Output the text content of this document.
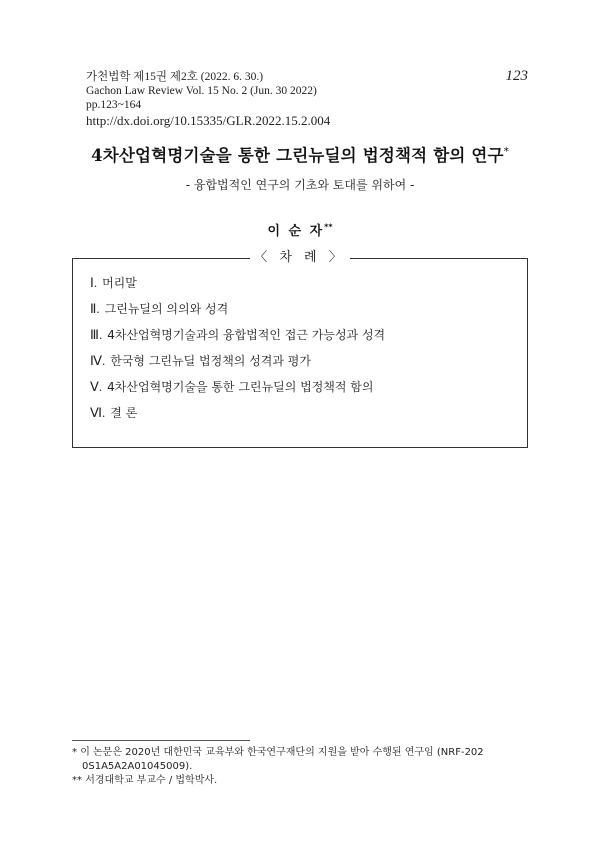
가천법학 제15권 제2호 (2022. 6. 30.)
Gachon Law Review Vol. 15 No. 2 (Jun. 30 2022)
pp.123~164
http://dx.doi.org/10.15335/GLR.2022.15.2.004
123
4차산업혁명기술을 통한 그린뉴딜의 법정책적 함의 연구*
- 융합법적인 연구의 기초와 토대를 위하여 -
이 순 자**
〈 차 례 〉
Ⅰ. 머리말
Ⅱ. 그린뉴딜의 의의와 성격
Ⅲ. 4차산업혁명기술과의 융합법적인 접근 가능성과 성격
Ⅳ. 한국형 그린뉴딜 법정책의 성격과 평가
Ⅴ. 4차산업혁명기술을 통한 그린뉴딜의 법정책적 함의
Ⅵ. 결 론
* 이 논문은 2020년 대한민국 교육부와 한국연구재단의 지원을 받아 수행된 연구임 (NRF-202
0S1A5A2A01045009).
** 서경대학교 부교수 / 법학박사.
